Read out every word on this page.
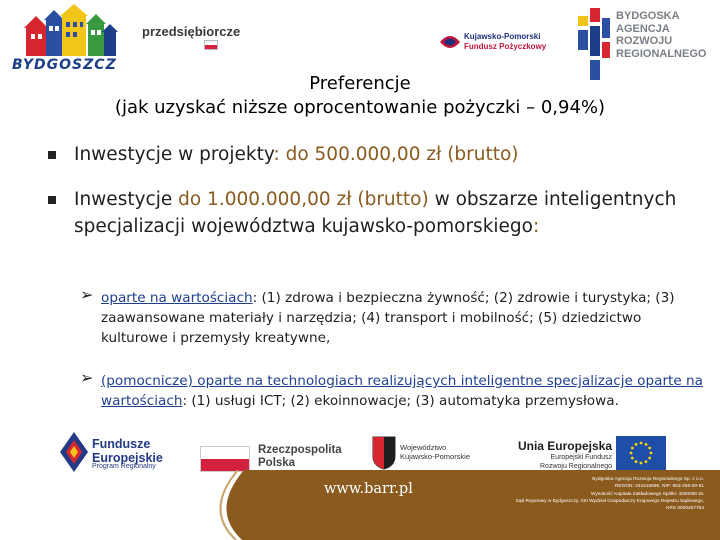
BYDGOSZCZ
przedsiębiorcze	Kujawsko-Pomorski
Fundusz Pożyczkowy
BYDGOSKA
AGENCJA
ROZWOJU
REGIONALNEGO
Preferencje
(jak uzyskać niższe oprocentowanie pożyczki – 0,94%)
Inwestycje w projekty: do 500.000,00 zł (brutto)
Inwestycje do 1.000.000,00 zł (brutto) w obszarze inteligentnych specjalizacji województwa kujawsko-pomorskiego:
➢ oparte na wartościach: (1) zdrowa i bezpieczna żywność; (2) zdrowie i turystyka; (3) zaawansowane materiały i narzędzia; (4) transport i mobilność; (5) dziedzictwo kulturowe i przemysły kreatywne,
➢ (pomocnicze) oparte na technologiach realizujących inteligentne specjalizacje oparte na wartościach: (1) usługi ICT; (2) ekoinnowacje; (3) automatyka przemysłowa.
Fundusze
Europejskie
Program Regionalny
Rzeczpospolita
Polska
Województwo
Kujawsko-Pomorskie
Unia Europejska
Europejski Fundusz
Rozwoju Regionalnego
www.barr.pl
Bydgoska Agencja Rozwoju Regionalnego Sp. z o.o.
REGON: 341515686, NIP: 953-256-00-61
Wysokość Kapitału Zakładowego Spółki: 4000000 ZŁ
Sąd Rejonowy w Bydgoszczy, XIII Wydział Gospodarczy Krajowego Rejestru Sądowego,
KRS 0000467754
